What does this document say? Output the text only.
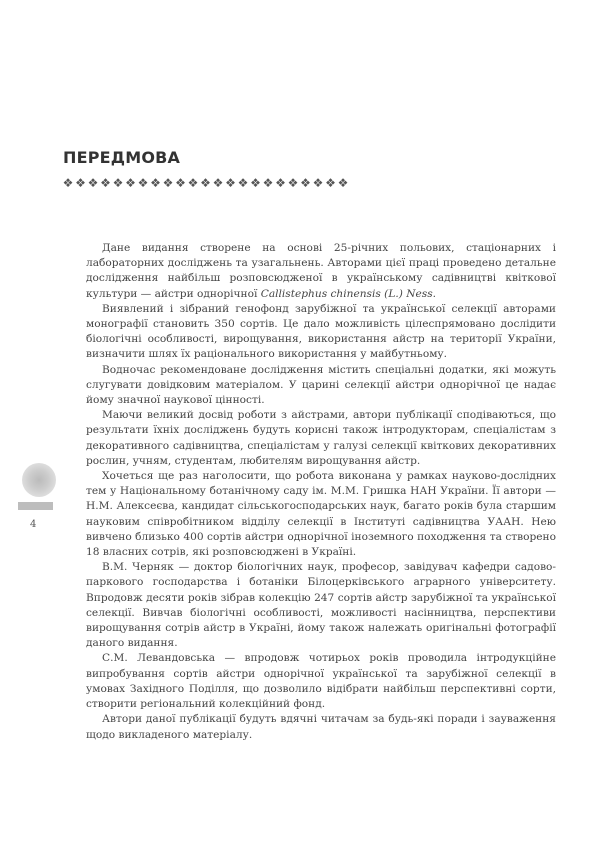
ПЕРЕДМОВА
❖ ❖ ❖ ❖ ❖ ❖ ❖ ❖ ❖ ❖ ❖ ❖ ❖ ❖ ❖ ❖ ❖ ❖ ❖ ❖ ❖ ❖ ❖

Дане видання створене на основі 25-річних польових, стаціонарних і лабораторних досліджень та узагальнень. Авторами цієї праці проведено детальне дослідження найбільш розповсюдженої в українському садівництві квіткової культури — айстри однорічної Callistephus chinensis (L.) Ness.

Виявлений і зібраний генофонд зарубіжної та української селекції авторами монографії становить 350 сортів. Це дало можливість цілеспрямовано дослідити біологічні особливості, вирощування, використання айстр на території України, визначити шлях їх раціонального використання у майбутньому.

Водночас рекомендоване дослідження містить спеціальні додатки, які можуть слугувати довідковим матеріалом. У царині селекції айстри однорічної це надає йому значної наукової цінності.

Маючи великий досвід роботи з айстрами, автори публікації сподіваються, що результати їхніх досліджень будуть корисні також інтродукторам, спеціалістам з декоративного садівництва, спеціалістам у галузі селекції квіткових декоративних рослин, учням, студентам, любителям вирощування айстр.

Хочеться ще раз наголосити, що робота виконана у рамках науково-дослідних тем у Національному ботанічному саду ім. М.М. Гришка НАН України. Її автори — Н.М. Алексеєва, кандидат сільськогосподарських наук, багато років була старшим науковим співробітником відділу селекції в Інституті садівництва УААН. Нею вивчено близько 400 сортів айстри однорічної іноземного походження та створено 18 власних сотрів, які розповсюджені в Україні.

В.М. Черняк — доктор біологічних наук, професор, завідувач кафедри садово-паркового господарства і ботаніки Білоцерківського аграрного університету. Впродовж десяти років зібрав колекцію 247 сортів айстр зарубіжної та української селекції. Вивчав біологічні особливості, можливості насінництва, перспективи вирощування сотрів айстр в Україні, йому також належать оригінальні фотографії даного видання.

С.М. Левандовська — впродовж чотирьох років проводила інтродукційне випробування сортів айстри однорічної української та зарубіжної селекції в умовах Західного Поділля, що дозволило відібрати найбільш перспективні сорти, створити регіональний колекційний фонд.

Автори даної публікації будуть вдячні читачам за будь-які поради і зауваження щодо викладеного матеріалу.

4
